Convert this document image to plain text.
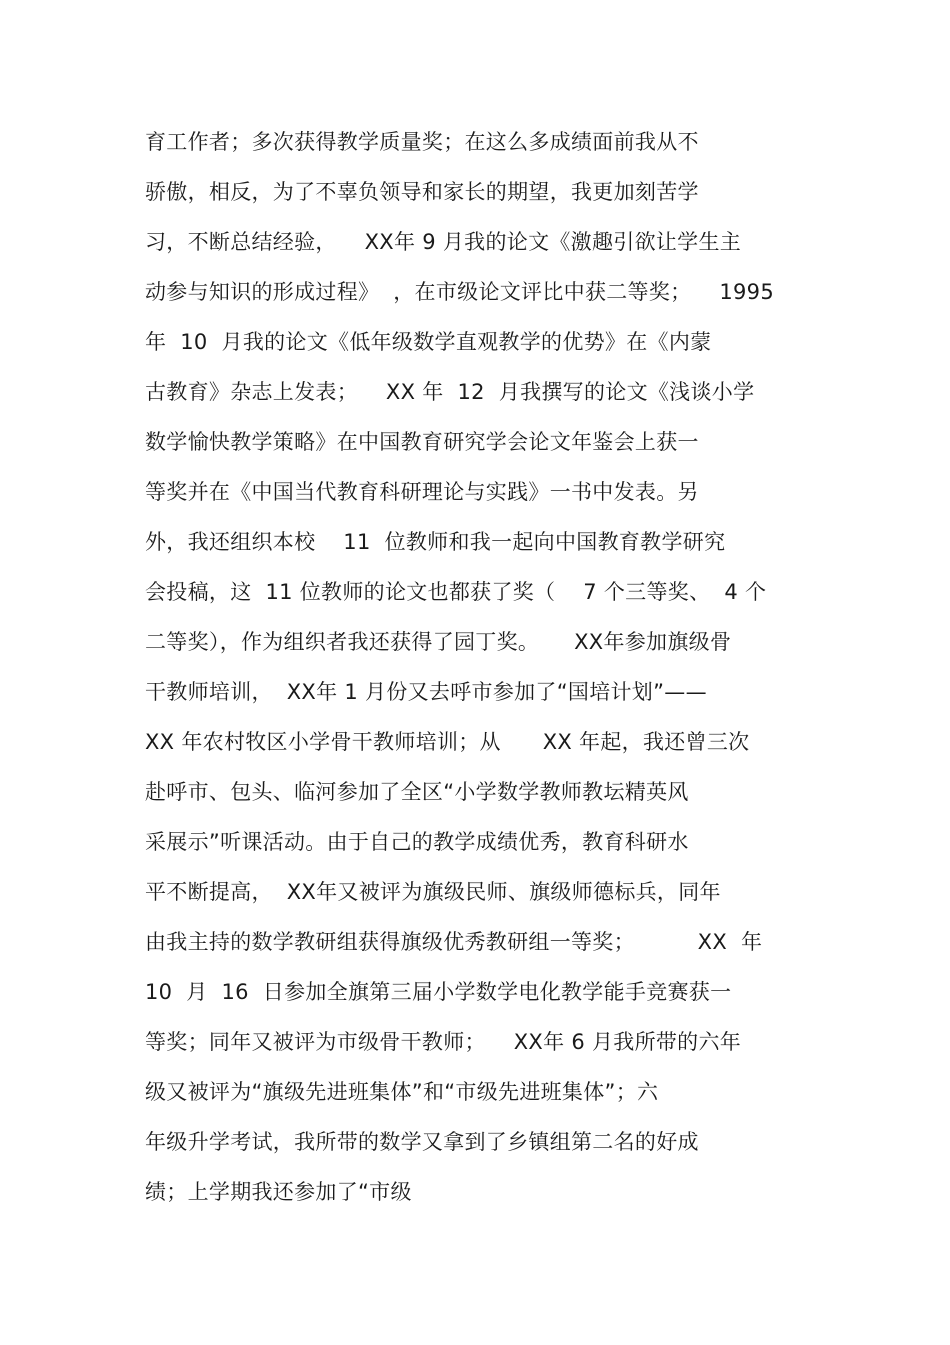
育工作者；多次获得教学质量奖；在这么多成绩面前我从不
骄傲，相反，为了不辜负领导和家长的期望，我更加刻苦学
习，不断总结经验，    XX年 9 月我的论文《激趣引欲让学生主
动参与知识的形成过程》  ，在市级论文评比中获二等奖；    1995
年  10  月我的论文《低年级数学直观教学的优势》在《内蒙
古教育》杂志上发表；    XX 年  12  月我撰写的论文《浅谈小学
数学愉快教学策略》在中国教育研究学会论文年鉴会上获一
等奖并在《中国当代教育科研理论与实践》一书中发表。另
外，我还组织本校    11  位教师和我一起向中国教育教学研究
会投稿，这  11 位教师的论文也都获了奖（    7 个三等奖、  4 个
二等奖），作为组织者我还获得了园丁奖。     XX年参加旗级骨
干教师培训，  XX年 1 月份又去呼市参加了“国培计划”——
XX 年农村牧区小学骨干教师培训；从      XX 年起，我还曾三次
赴呼市、包头、临河参加了全区“小学数学教师教坛精英风
采展示”听课活动。由于自己的教学成绩优秀，教育科研水
平不断提高，  XX年又被评为旗级民师、旗级师德标兵，同年
由我主持的数学教研组获得旗级优秀教研组一等奖；         XX  年
10  月  16  日参加全旗第三届小学数学电化教学能手竞赛获一
等奖；同年又被评为市级骨干教师；    XX年 6 月我所带的六年
级又被评为“旗级先进班集体”和“市级先进班集体”；六
年级升学考试，我所带的数学又拿到了乡镇组第二名的好成
绩；上学期我还参加了“市级
